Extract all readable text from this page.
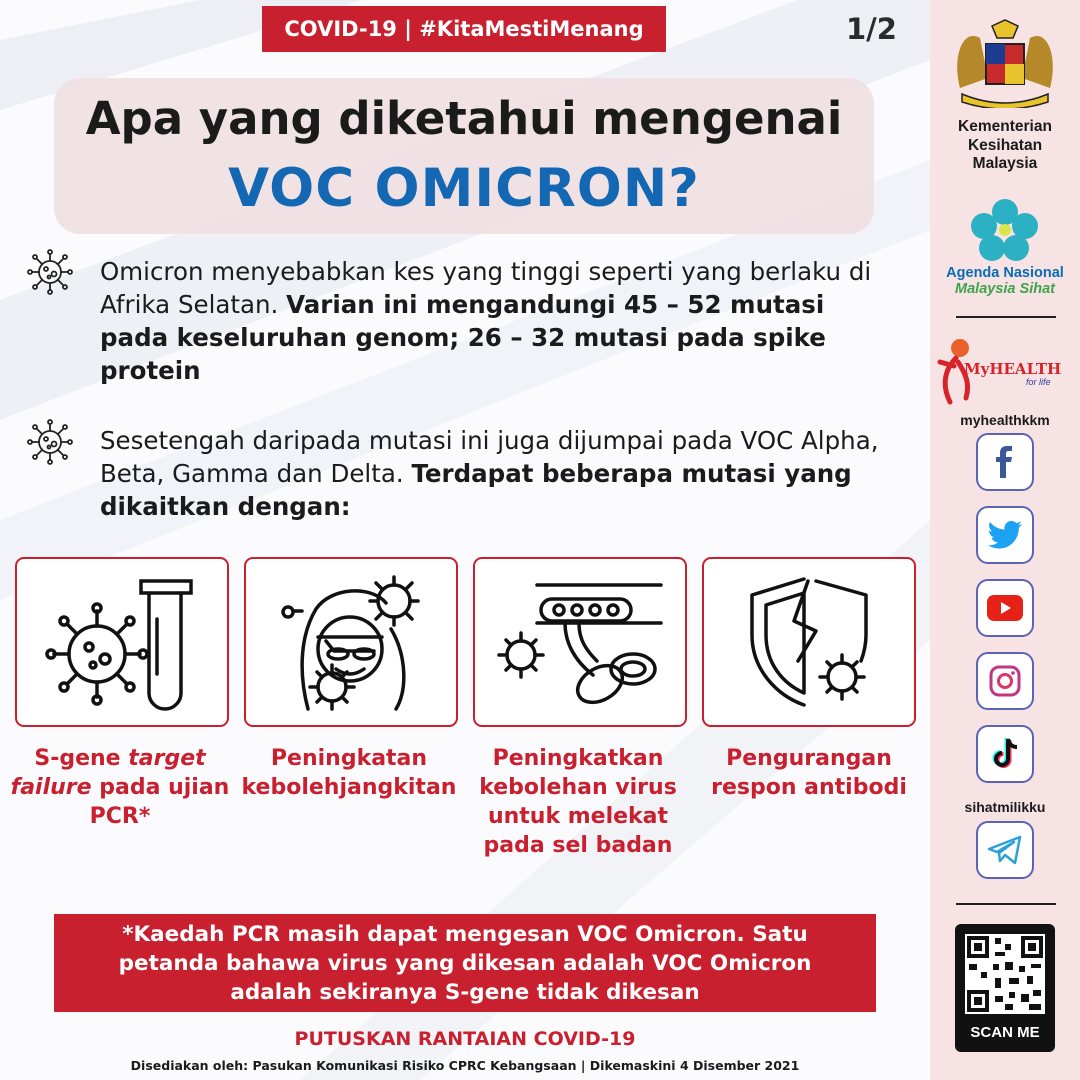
COVID-19 | #KitaMestiMenang	1/2
Apa yang diketahui mengenai
VOC OMICRON?
Omicron menyebabkan kes yang tinggi seperti yang berlaku di Afrika Selatan. Varian ini mengandungi 45 – 52 mutasi pada keseluruhan genom; 26 – 32 mutasi pada spike protein
Sesetengah daripada mutasi ini juga dijumpai pada VOC Alpha, Beta, Gamma dan Delta. Terdapat beberapa mutasi yang dikaitkan dengan:
S-gene target failure pada ujian PCR*
Peningkatan kebolehjangkitan
Peningkatkan kebolehan virus untuk melekat pada sel badan
Pengurangan respon antibodi
*Kaedah PCR masih dapat mengesan VOC Omicron. Satu
petanda bahawa virus yang dikesan adalah VOC Omicron
adalah sekiranya S-gene tidak dikesan
PUTUSKAN RANTAIAN COVID-19
Disediakan oleh: Pasukan Komunikasi Risiko CPRC Kebangsaan | Dikemaskini 4 Disember 2021
Kementerian
Kesihatan
Malaysia
Agenda Nasional
Malaysia Sihat
MyHEALTH
for life
myhealthkkm
sihatmilikku
SCAN ME
